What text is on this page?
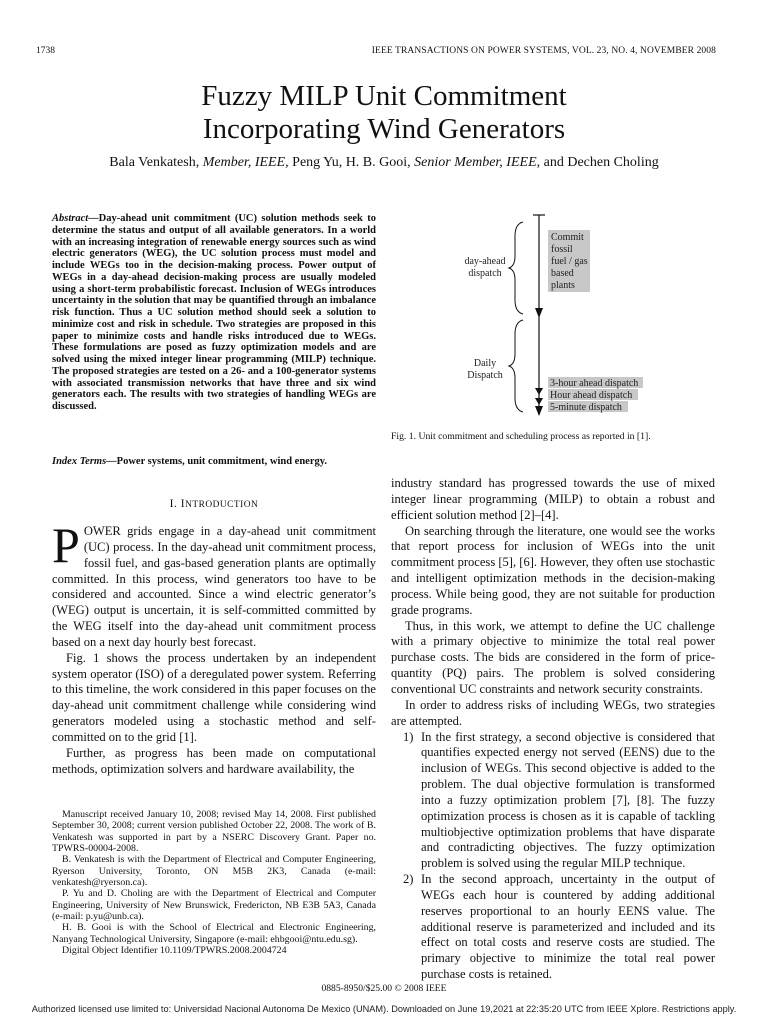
1738	IEEE TRANSACTIONS ON POWER SYSTEMS, VOL. 23, NO. 4, NOVEMBER 2008
Fuzzy MILP Unit Commitment
Incorporating Wind Generators
Bala Venkatesh, Member, IEEE, Peng Yu, H. B. Gooi, Senior Member, IEEE, and Dechen Choling
Abstract—Day-ahead unit commitment (UC) solution methods seek to determine the status and output of all available generators. In a world with an increasing integration of renewable energy sources such as wind electric generators (WEG), the UC solution process must model and include WEGs too in the decision-making process. Power output of WEGs in a day-ahead decision-making process are usually modeled using a short-term probabilistic forecast. Inclusion of WEGs introduces uncertainty in the solution that may be quantified through an imbalance risk function. Thus a UC solution method should seek a solution to minimize cost and risk in schedule. Two strategies are proposed in this paper to minimize costs and handle risks introduced due to WEGs. These formulations are posed as fuzzy optimization models and are solved using the mixed integer linear programming (MILP) technique. The proposed strategies are tested on a 26- and a 100-generator systems with associated transmission networks that have three and six wind generators each. The results with two strategies of handling WEGs are discussed.
Index Terms—Power systems, unit commitment, wind energy.
I. INTRODUCTION

POWER grids engage in a day-ahead unit commitment (UC) process. In the day-ahead unit commitment process, fossil fuel, and gas-based generation plants are optimally committed. In this process, wind generators too have to be considered and accounted. Since a wind electric generator’s (WEG) output is uncertain, it is self-committed committed by the WEG itself into the day-ahead unit commitment process based on a next day hourly best forecast.

Fig. 1 shows the process undertaken by an independent system operator (ISO) of a deregulated power system. Referring to this timeline, the work considered in this paper focuses on the day-ahead unit commitment challenge while considering wind generators modeled using a stochastic method and self-committed on to the grid [1].

Further, as progress has been made on computational methods, optimization solvers and hardware availability, the

Manuscript received January 10, 2008; revised May 14, 2008. First published September 30, 2008; current version published October 22, 2008. The work of B. Venkatesh was supported in part by a NSERC Discovery Grant. Paper no. TPWRS-00004-2008.

B. Venkatesh is with the Department of Electrical and Computer Engineering, Ryerson University, Toronto, ON M5B 2K3, Canada (e-mail: venkatesh@ryerson.ca).

P. Yu and D. Choling are with the Department of Electrical and Computer Engineering, University of New Brunswick, Fredericton, NB E3B 5A3, Canada (e-mail: p.yu@unb.ca).

H. B. Gooi is with the School of Electrical and Electronic Engineering, Nanyang Technological University, Singapore (e-mail: ehbgooi@ntu.edu.sg).

Digital Object Identifier 10.1109/TPWRS.2008.2004724

day-ahead
dispatch
Daily
Dispatch
Commit
fossil
fuel / gas
based
plants
3-hour ahead dispatch
Hour ahead dispatch
5-minute dispatch
Fig. 1. Unit commitment and scheduling process as reported in [1].

industry standard has progressed towards the use of mixed integer linear programming (MILP) to obtain a robust and efficient solution method [2]–[4].

On searching through the literature, one would see the works that report process for inclusion of WEGs into the unit commitment process [5], [6]. However, they often use stochastic and intelligent optimization methods in the decision-making process. While being good, they are not suitable for production grade programs.

Thus, in this work, we attempt to define the UC challenge with a primary objective to minimize the total real power purchase costs. The bids are considered in the form of price-quantity (PQ) pairs. The problem is solved considering conventional UC constraints and network security constraints.

In order to address risks of including WEGs, two strategies are attempted.

1) In the first strategy, a second objective is considered that quantifies expected energy not served (EENS) due to the inclusion of WEGs. This second objective is added to the problem. The dual objective formulation is transformed into a fuzzy optimization problem [7], [8]. The fuzzy optimization process is chosen as it is capable of tackling multiobjective optimization problems that have disparate and contradicting objectives. The fuzzy optimization problem is solved using the regular MILP technique.
2) In the second approach, uncertainty in the output of WEGs each hour is countered by adding additional reserves proportional to an hourly EENS value. The additional reserve is parameterized and included and its effect on total costs and reserve costs are studied. The primary objective to minimize the total real power purchase costs is retained.
0885-8950/$25.00 © 2008 IEEE
Authorized licensed use limited to: Universidad Nacional Autonoma De Mexico (UNAM). Downloaded on June 19,2021 at 22:35:20 UTC from IEEE Xplore. Restrictions apply.
